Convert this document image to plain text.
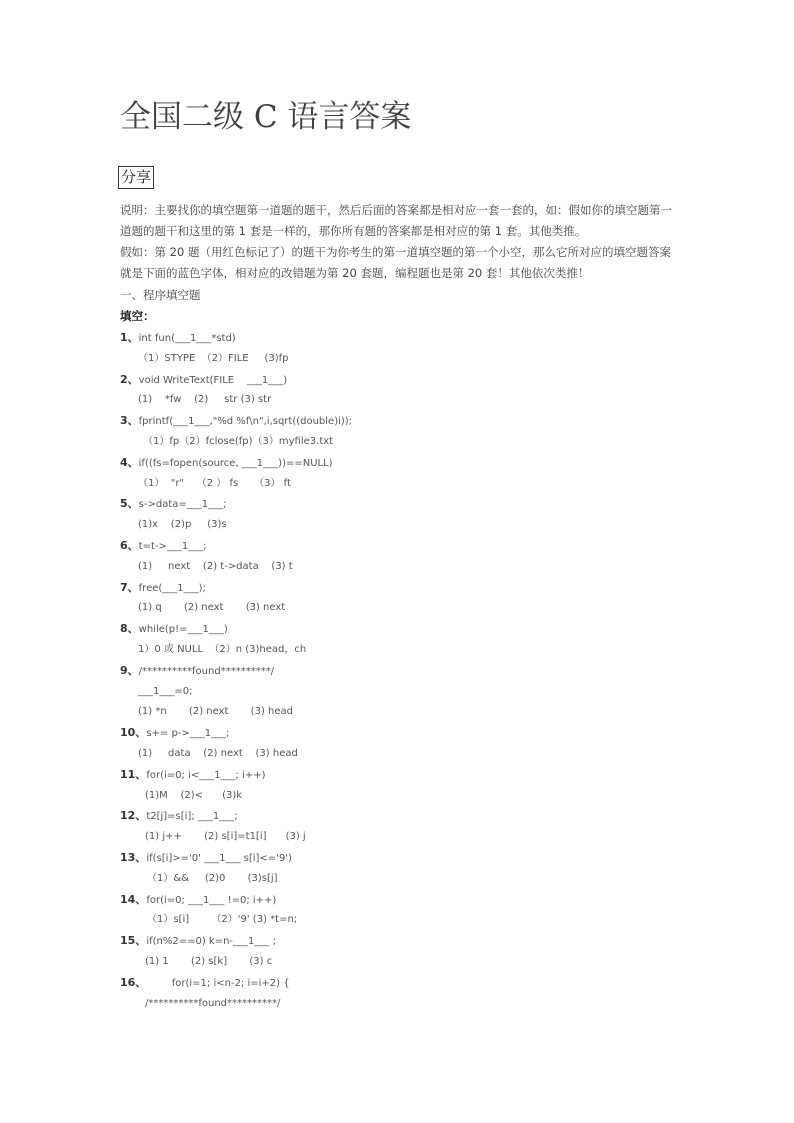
全国二级 C 语言答案
分享

说明：主要找你的填空题第一道题的题干，然后后面的答案都是相对应一套一套的，如：假如你的填空题第一道题的题干和这里的第 1 套是一样的，那你所有题的答案都是相对应的第 1 套。其他类推。

假如：第 20 题（用红色标记了）的题干为你考生的第一道填空题的第一个小空，那么它所对应的填空题答案就是下面的蓝色字体，相对应的改错题为第 20 套题，编程题也是第 20 套！其他依次类推！

一、程序填空题
填空：
1、int fun(___1___*std)
（1）STYPE  （2）FILE     (3)fp
2、void WriteText(FILE    ___1___)
(1)    *fw    (2)     str (3) str
3、fprintf(___1___,"%d %f\n",i,sqrt((double)i));
（1）fp（2）fclose(fp)（3）myfile3.txt
4、if((fs=fopen(source, ___1___))==NULL)
（1）  "r"    （2 ） fs     （3） ft
5、s->data=___1___;
(1)x    (2)p     (3)s
6、t=t->___1___;
(1)     next    (2) t->data    (3) t
7、free(___1___);
(1) q       (2) next       (3) next
8、while(p!=___1___)
1）0 或 NULL  （2）n (3)head，ch
9、/**********found**********/
___1___=0;
(1) *n       (2) next       (3) head
10、s+= p->___1___;
(1)     data    (2) next    (3) head
11、for(i=0; i<___1___; i++)
(1)M    (2)<      (3)k
12、t2[j]=s[i]; ___1___;
(1) j++       (2) s[i]=t1[i]      (3) j
13、if(s[i]>='0' ___1___ s[i]<='9')
（1）&&     (2)0       (3)s[j]
14、for(i=0; ___1___ !=0; i++)
（1）s[i]       （2）'9' (3) *t=n;
15、if(n%2==0) k=n-___1___ ;
(1) 1       (2) s[k]       (3) c
16、        for(i=1; i<n-2; i=i+2) {
/**********found**********/
